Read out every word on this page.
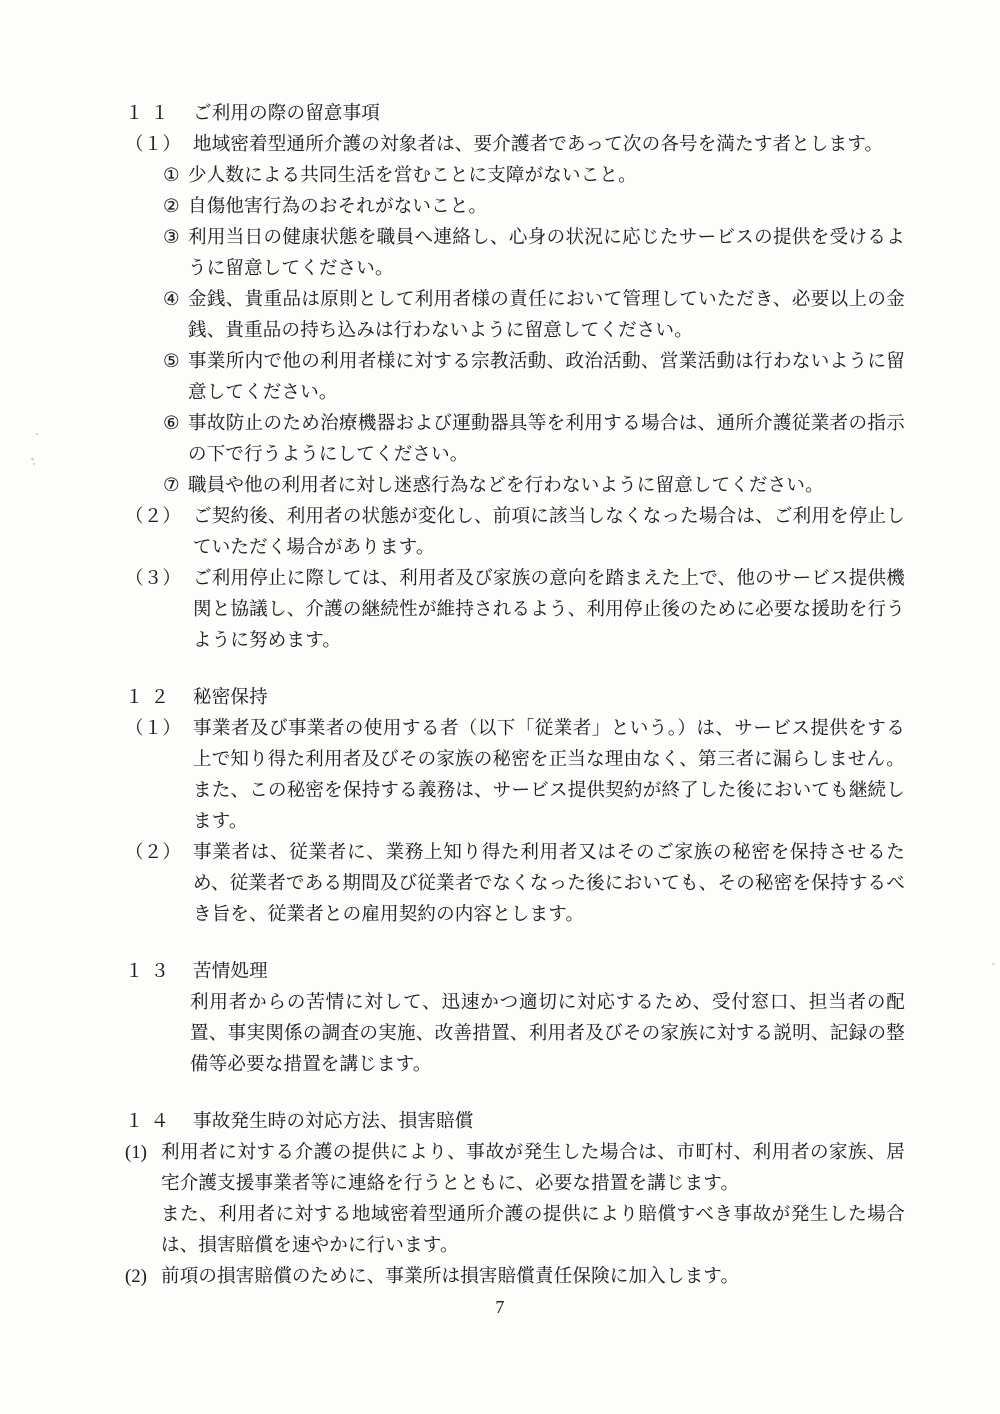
１１ ご利用の際の留意事項
（１） 地域密着型通所介護の対象者は、要介護者であって次の各号を満たす者とします。
① 少人数による共同生活を営むことに支障がないこと。
② 自傷他害行為のおそれがないこと。
③ 利用当日の健康状態を職員へ連絡し、心身の状況に応じたサービスの提供を受けるように留意してください。
④ 金銭、貴重品は原則として利用者様の責任において管理していただき、必要以上の金銭、貴重品の持ち込みは行わないように留意してください。
⑤ 事業所内で他の利用者様に対する宗教活動、政治活動、営業活動は行わないように留意してください。
⑥ 事故防止のため治療機器および運動器具等を利用する場合は、通所介護従業者の指示の下で行うようにしてください。
⑦ 職員や他の利用者に対し迷惑行為などを行わないように留意してください。
（２） ご契約後、利用者の状態が変化し、前項に該当しなくなった場合は、ご利用を停止していただく場合があります。
（３） ご利用停止に際しては、利用者及び家族の意向を踏まえた上で、他のサービス提供機関と協議し、介護の継続性が維持されるよう、利用停止後のために必要な援助を行うように努めます。
１２ 秘密保持
（１） 事業者及び事業者の使用する者（以下「従業者」という。）は、サービス提供をする上で知り得た利用者及びその家族の秘密を正当な理由なく、第三者に漏らしません。また、この秘密を保持する義務は、サービス提供契約が終了した後においても継続します。
（２） 事業者は、従業者に、業務上知り得た利用者又はそのご家族の秘密を保持させるため、従業者である期間及び従業者でなくなった後においても、その秘密を保持するべき旨を、従業者との雇用契約の内容とします。
１３ 苦情処理
利用者からの苦情に対して、迅速かつ適切に対応するため、受付窓口、担当者の配置、事実関係の調査の実施、改善措置、利用者及びその家族に対する説明、記録の整備等必要な措置を講じます。
１４ 事故発生時の対応方法、損害賠償
(1) 利用者に対する介護の提供により、事故が発生した場合は、市町村、利用者の家族、居宅介護支援事業者等に連絡を行うとともに、必要な措置を講じます。
また、利用者に対する地域密着型通所介護の提供により賠償すべき事故が発生した場合は、損害賠償を速やかに行います。
(2) 前項の損害賠償のために、事業所は損害賠償責任保険に加入します。
7
